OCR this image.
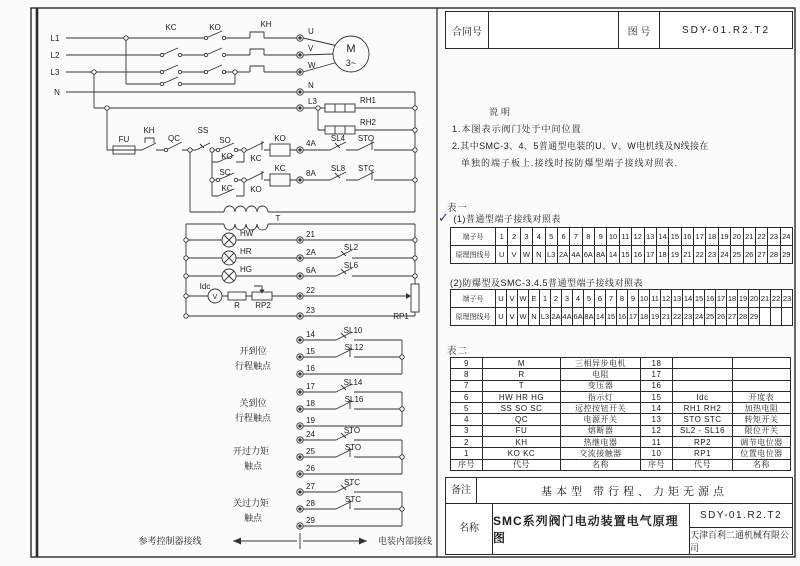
L1
L2
L3
N
KC	KO	KH
U
V
W
M
3~
N
L3	RH1
RH2
FU
KH
QC
SS
SO
KO
SC
KC
KC
KO
KO
KC
4A
SL4 STO
8A
SL8 STC
T
HW
HR
HG
21
2A
SL2
6A
SL6
Idc
V
R RP2
22
23
RP1
14	SL10
15	SL12
16
开到位
行程触点
17	SL14
18	SL16
19
关到位
行程触点
24	STO
25	STO
26
开过力矩
触点
27	STC
28	STC
29
关过力矩
触点
参考控制器接线	电装内部接线
合同号	图 号	SDY-01.R2.T2
说明
1.本图表示阀门处于中间位置
2.其中SMC-3、4、5普通型电装的U、V、W电机线及N线接在
单独的端子板上.接线时按防爆型端子接线对照表.
表一
✓ (1)普通型端子接线对照表
端子号	1	2	3	4	5	6	7	8	9 10 11 12 13 14 15 16 17 18 19 20 21 22 23 24
原理图线号	U V W N L3 2A 4A 6A 8A 14 15 16 17 18 19 21 22 23 24 25 26 27 28 29
(2)防爆型及SMC-3.4.5普通型端子接线对照表
端子号	U V W E 1 2 3 4 5 6 7 8 9 10 11 12 13 14 15 16 17 18 19 20 21 22 23
原理图线号	U V W N L3 2A 4A 6A 8A 14 15 16 17 18 19 21 22 23 24 25 26 27 28 29
表二
9	M	三相异步电机	18
8	R	电阻	17
7	T	变压器	16
6	HW HR HG	指示灯	15	Idc	开度表
5	SS SO SC	远控按钮开关	14	RH1 RH2	加热电阻
4	QC	电源开关	13	STO STC	转矩开关
3	FU	熔断器	12	SL2 - SL16	限位开关
2	KH	热继电器	11	RP2	调节电位器
1	KO KC	交流接触器	10	RP1	位置电位器
序号	代号	名称	序号	代号	名称
备注	基本型 带行程、力矩无源点
名称
SMC系列阀门电动装置电气原理图
SDY-01.R2.T2
天津百利二通机械有限公司
